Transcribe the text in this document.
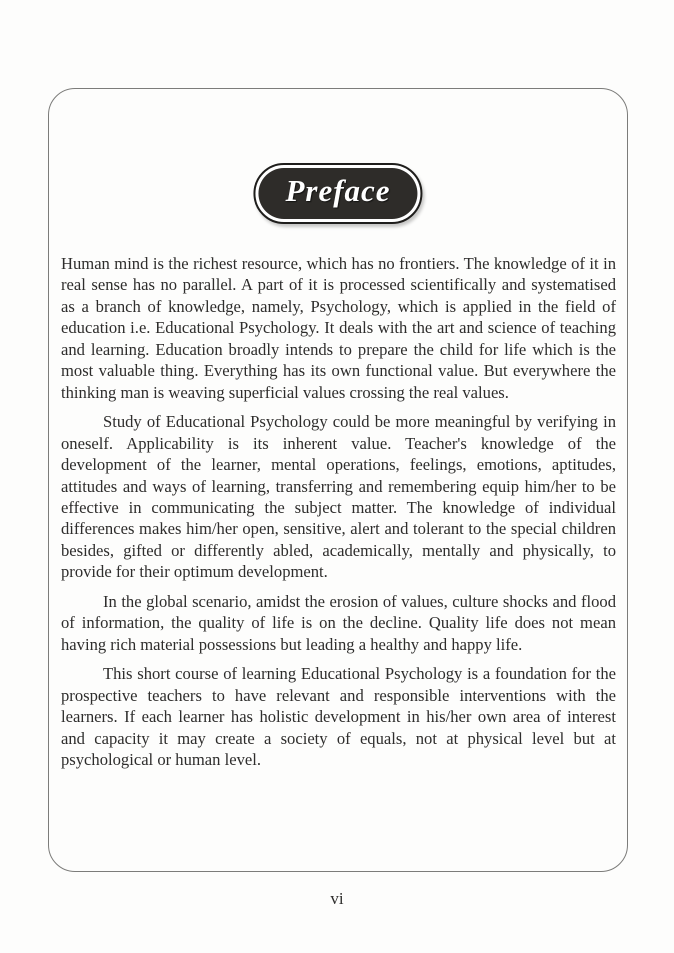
Preface

Human mind is the richest resource, which has no frontiers. The knowledge of it in real sense has no parallel. A part of it is processed scientifically and systematised as a branch of knowledge, namely, Psychology, which is applied in the field of education i.e. Educational Psychology. It deals with the art and science of teaching and learning. Education broadly intends to prepare the child for life which is the most valuable thing. Everything has its own functional value. But everywhere the thinking man is weaving superficial values crossing the real values.

Study of Educational Psychology could be more meaningful by verifying in oneself. Applicability is its inherent value. Teacher's knowledge of the development of the learner, mental operations, feelings, emotions, aptitudes, attitudes and ways of learning, transferring and remembering equip him/her to be effective in communicating the subject matter. The knowledge of individual differences makes him/her open, sensitive, alert and tolerant to the special children besides, gifted or differently abled, academically, mentally and physically, to provide for their optimum development.

In the global scenario, amidst the erosion of values, culture shocks and flood of information, the quality of life is on the decline. Quality life does not mean having rich material possessions but leading a healthy and happy life.

This short course of learning Educational Psychology is a foundation for the prospective teachers to have relevant and responsible interventions with the learners. If each learner has holistic development in his/her own area of interest and capacity it may create a society of equals, not at physical level but at psychological or human level.

vi
